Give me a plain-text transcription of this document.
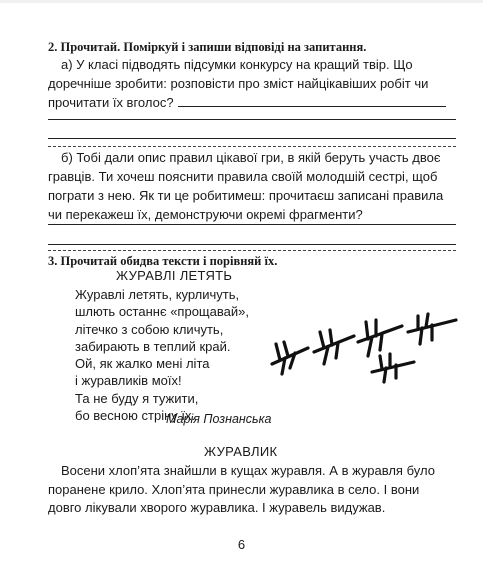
2. Прочитай. Поміркуй і запиши відповіді на запитання.

а) У класі підводять підсумки конкурсу на кращий твір. Що
доречніше зробити: розповісти про зміст найцікавіших робіт чи
прочитати їх вголос?

б) Тобі дали опис правил цікавої гри, в якій беруть участь двоє
гравців. Ти хочеш пояснити правила своїй молодшій сестрі, щоб
пограти з нею. Як ти це робитимеш: прочитаєш записані правила
чи перекажеш їх, демонструючи окремі фрагменти?

3. Прочитай обидва тексти і порівняй їх.
ЖУРАВЛІ ЛЕТЯТЬ
Журавлі летять, курличуть,
шлють останнє «прощавай»,
літечко з собою кличуть,
забирають в теплий край.
Ой, як жалко мені літа
і журавликів моїх!
Та не буду я тужити,
бо весною стріну їх.
Марія Познанська
ЖУРАВЛИК

Восени хлоп’ята знайшли в кущах журавля. А в журавля було
поранене крило. Хлоп’ята принесли журавлика в село. І вони
довго лікували хворого журавлика. І журавель видужав.

6
